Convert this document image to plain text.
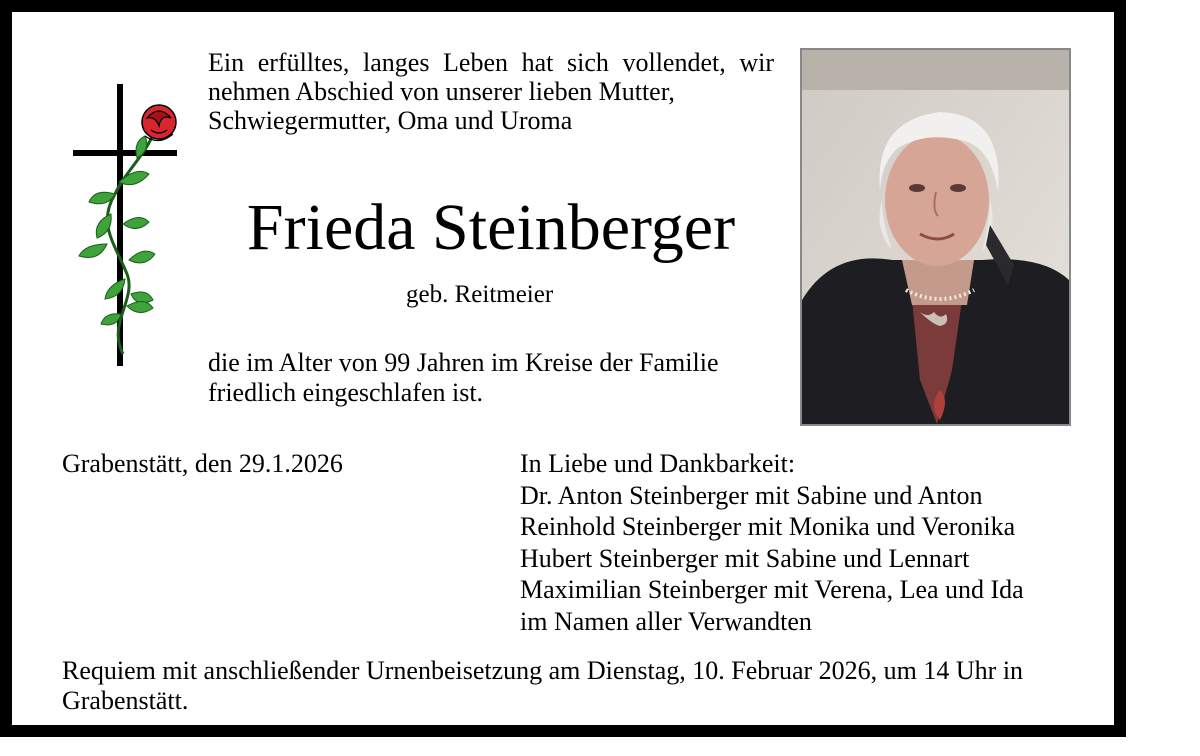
Ein erfülltes, langes Leben hat sich vollendet, wir nehmen Abschied von unserer lieben Mutter,
Schwiegermutter, Oma und Uroma
Frieda Steinberger
geb. Reitmeier
die im Alter von 99 Jahren im Kreise der Familie
friedlich eingeschlafen ist.
Grabenstätt, den 29.1.2026	In Liebe und Dankbarkeit:
Dr. Anton Steinberger mit Sabine und Anton
Reinhold Steinberger mit Monika und Veronika
Hubert Steinberger mit Sabine und Lennart
Maximilian Steinberger mit Verena, Lea und Ida
im Namen aller Verwandten
Requiem mit anschließender Urnenbeisetzung am Dienstag, 10. Februar 2026, um 14 Uhr in Grabenstätt.
